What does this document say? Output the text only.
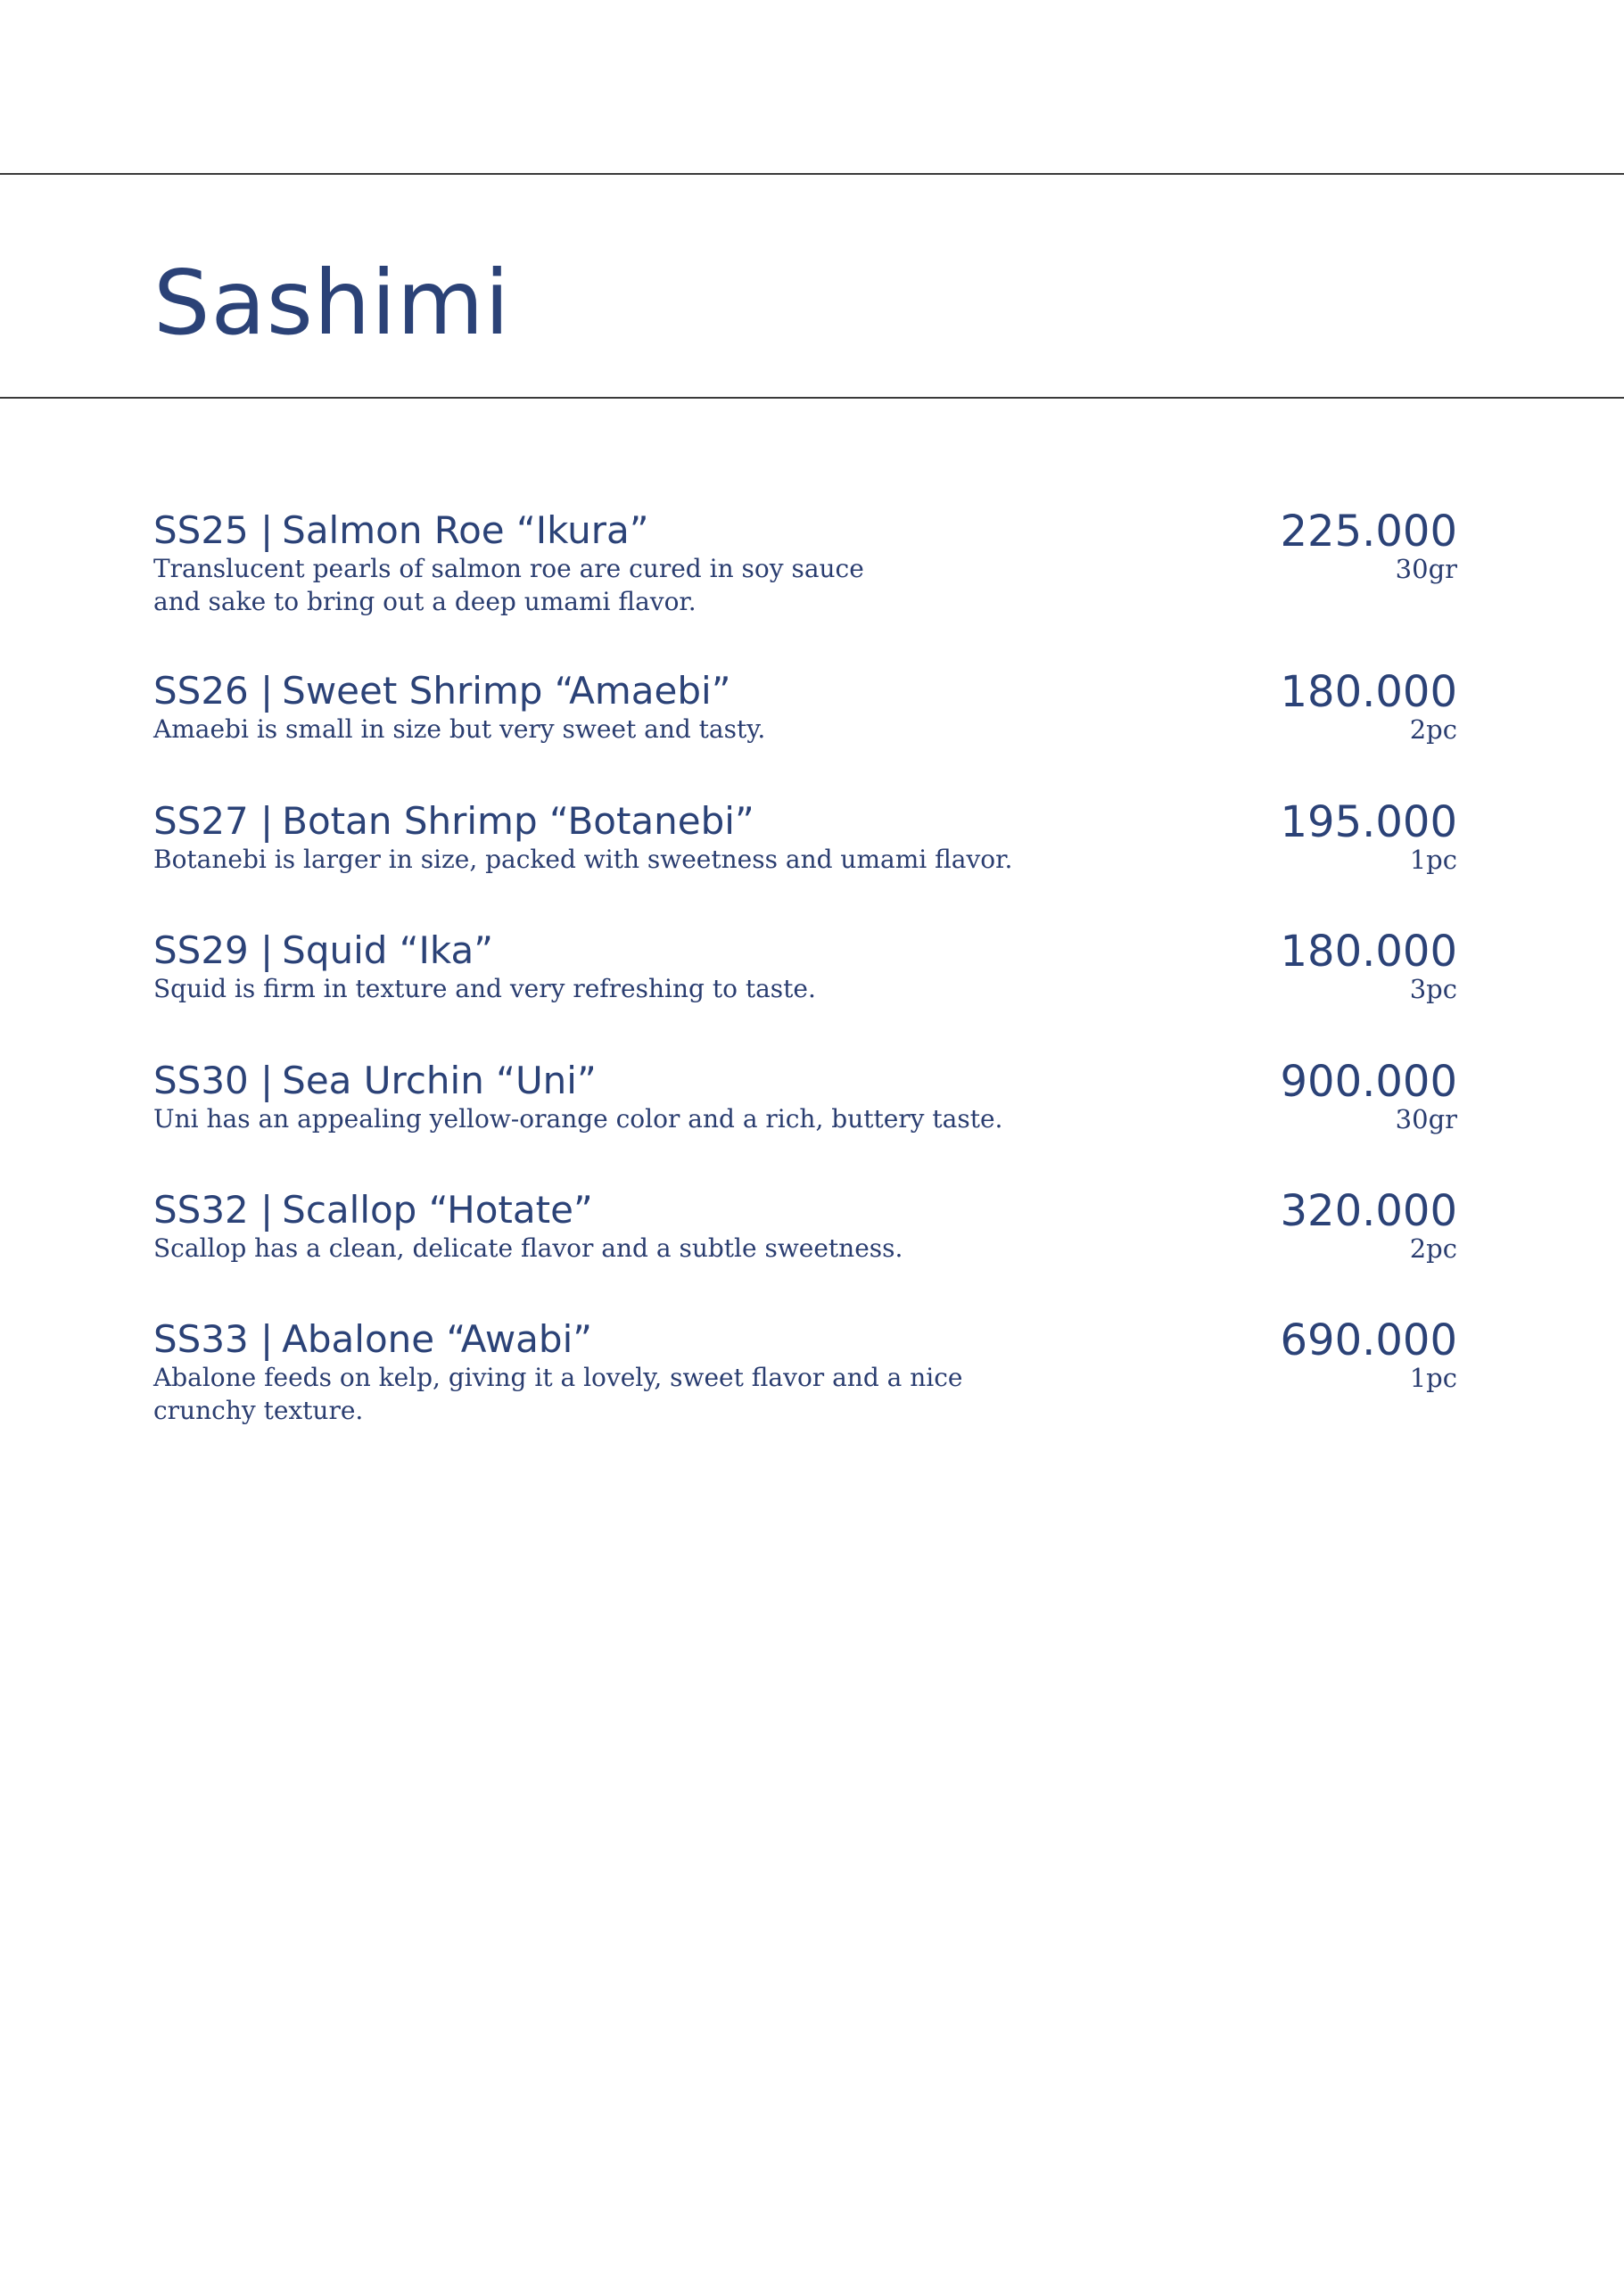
Sashimi
SS25 | Salmon Roe “Ikura”
Translucent pearls of salmon roe are cured in soy sauce
and sake to bring out a deep umami flavor.
225.000
30gr
SS26 | Sweet Shrimp “Amaebi”
Amaebi is small in size but very sweet and tasty.
180.000
2pc
SS27 | Botan Shrimp “Botanebi”
Botanebi is larger in size, packed with sweetness and umami flavor.
195.000
1pc
SS29 | Squid “Ika”
Squid is firm in texture and very refreshing to taste.
180.000
3pc
SS30 | Sea Urchin “Uni”
Uni has an appealing yellow-orange color and a rich, buttery taste.
900.000
30gr
SS32 | Scallop “Hotate”
Scallop has a clean, delicate flavor and a subtle sweetness.
320.000
2pc
SS33 | Abalone “Awabi”
Abalone feeds on kelp, giving it a lovely, sweet flavor and a nice crunchy texture.
690.000
1pc
